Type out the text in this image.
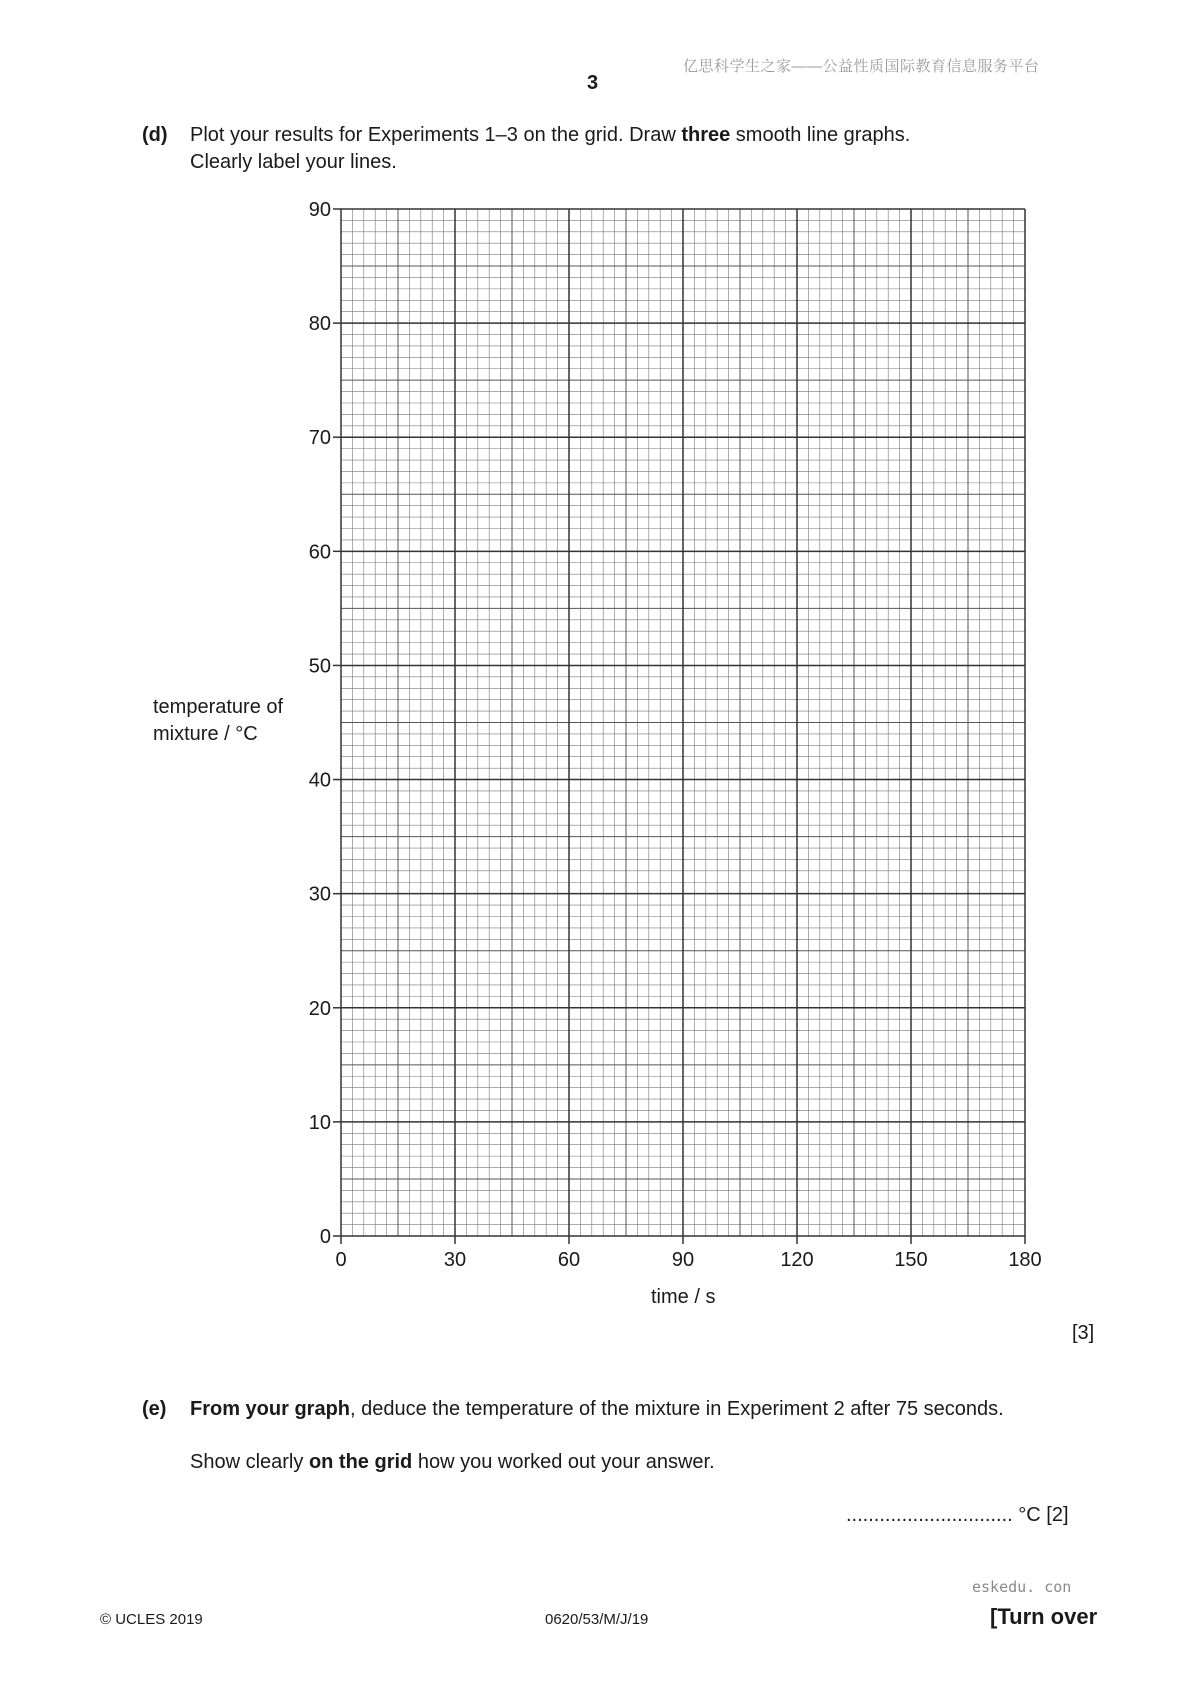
亿思科学生之家——公益性质国际教育信息服务平台
3
(d) Plot your results for Experiments 1–3 on the grid. Draw three smooth line graphs.
Clearly label your lines.
0
10
20
30
40
50
60
70
80
90
0	30	60	90	120	150	180
temperature of
mixture / °C
time / s
[3]
(e) From your graph, deduce the temperature of the mixture in Experiment 2 after 75 seconds.
Show clearly on the grid how you worked out your answer.
.............................. °C [2]
eskedu. con
© UCLES 2019	0620/53/M/J/19	[Turn over
